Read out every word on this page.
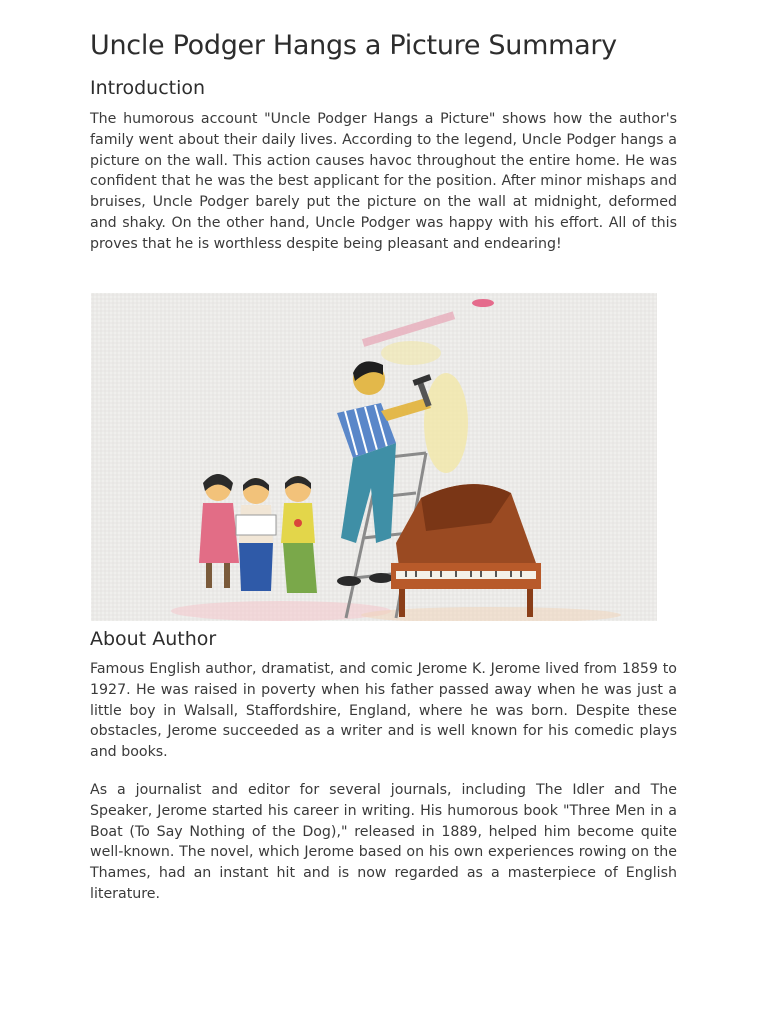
Uncle Podger Hangs a Picture Summary
Introduction

The humorous account "Uncle Podger Hangs a Picture" shows how the author's family went about their daily lives. According to the legend, Uncle Podger hangs a picture on the wall. This action causes havoc throughout the entire home. He was confident that he was the best applicant for the position. After minor mishaps and bruises, Uncle Podger barely put the picture on the wall at midnight, deformed and shaky. On the other hand, Uncle Podger was happy with his effort. All of this proves that he is worthless despite being pleasant and endearing!

About Author

Famous English author, dramatist, and comic Jerome K. Jerome lived from 1859 to 1927. He was raised in poverty when his father passed away when he was just a little boy in Walsall, Staffordshire, England, where he was born. Despite these obstacles, Jerome succeeded as a writer and is well known for his comedic plays and books.

As a journalist and editor for several journals, including The Idler and The Speaker, Jerome started his career in writing. His humorous book "Three Men in a Boat (To Say Nothing of the Dog)," released in 1889, helped him become quite well-known. The novel, which Jerome based on his own experiences rowing on the Thames, had an instant hit and is now regarded as a masterpiece of English literature.
